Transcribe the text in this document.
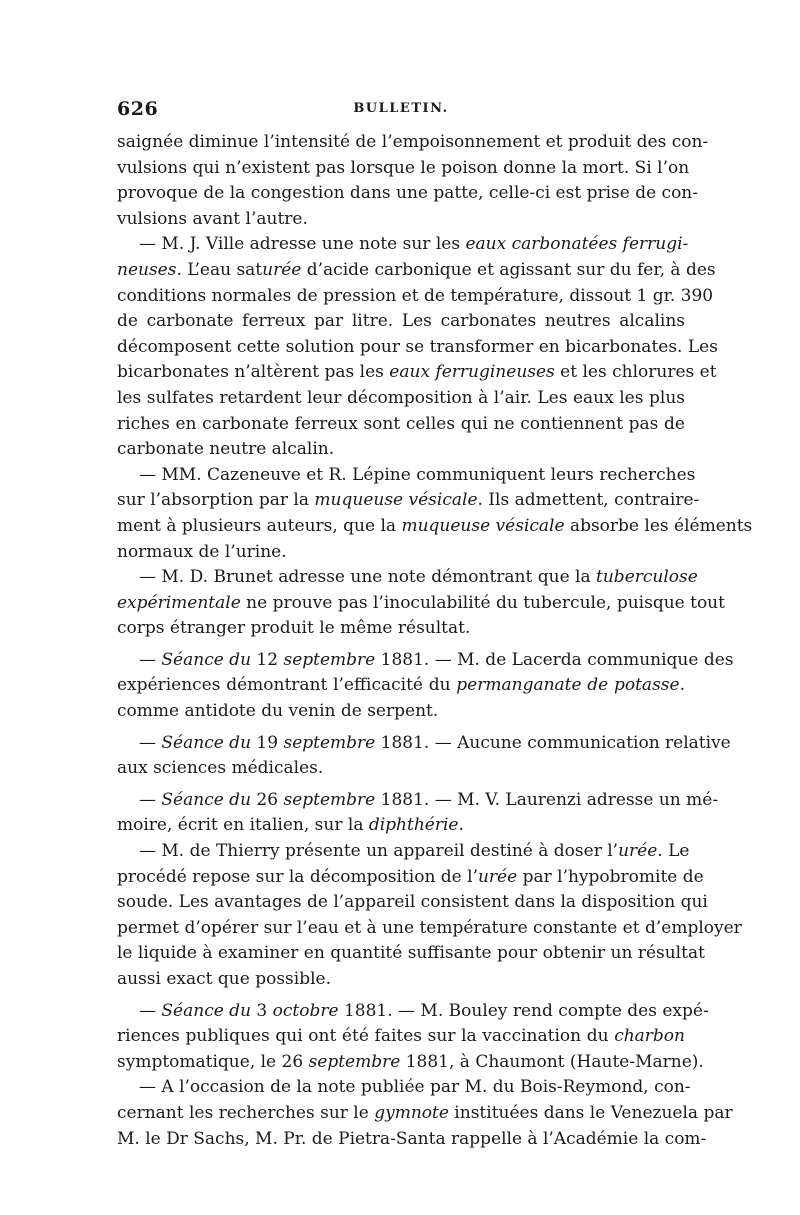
626	BULLETIN.
saignée diminue l’intensité de l’empoisonnement et produit des con-
vulsions qui n’existent pas lorsque le poison donne la mort. Si l’on
provoque de la congestion dans une patte, celle-ci est prise de con-
vulsions avant l’autre.
— M. J. Ville adresse une note sur les eaux carbonatées ferrugi-
neuses. L’eau saturée d’acide carbonique et agissant sur du fer, à des
conditions normales de pression et de température, dissout 1 gr. 390
de carbonate ferreux par litre. Les carbonates neutres alcalins
décomposent cette solution pour se transformer en bicarbonates. Les
bicarbonates n’altèrent pas les eaux ferrugineuses et les chlorures et
les sulfates retardent leur décomposition à l’air. Les eaux les plus
riches en carbonate ferreux sont celles qui ne contiennent pas de
carbonate neutre alcalin.
— MM. Cazeneuve et R. Lépine communiquent leurs recherches
sur l’absorption par la muqueuse vésicale. Ils admettent, contraire-
ment à plusieurs auteurs, que la muqueuse vésicale absorbe les éléments
normaux de l’urine.
— M. D. Brunet adresse une note démontrant que la tuberculose
expérimentale ne prouve pas l’inoculabilité du tubercule, puisque tout
corps étranger produit le même résultat.
— Séance du 12 septembre 1881. — M. de Lacerda communique des
expériences démontrant l’efficacité du permanganate de potasse.
comme antidote du venin de serpent.
— Séance du 19 septembre 1881. — Aucune communication relative
aux sciences médicales.
— Séance du 26 septembre 1881. — M. V. Laurenzi adresse un mé-
moire, écrit en italien, sur la diphthérie.
— M. de Thierry présente un appareil destiné à doser l’urée. Le
procédé repose sur la décomposition de l’urée par l’hypobromite de
soude. Les avantages de l’appareil consistent dans la disposition qui
permet d’opérer sur l’eau et à une température constante et d’employer
le liquide à examiner en quantité suffisante pour obtenir un résultat
aussi exact que possible.
— Séance du 3 octobre 1881. — M. Bouley rend compte des expé-
riences publiques qui ont été faites sur la vaccination du charbon
symptomatique, le 26 septembre 1881, à Chaumont (Haute-Marne).
— A l’occasion de la note publiée par M. du Bois-Reymond, con-
cernant les recherches sur le gymnote instituées dans le Venezuela par
M. le Dr Sachs, M. Pr. de Pietra-Santa rappelle à l’Académie la com-
